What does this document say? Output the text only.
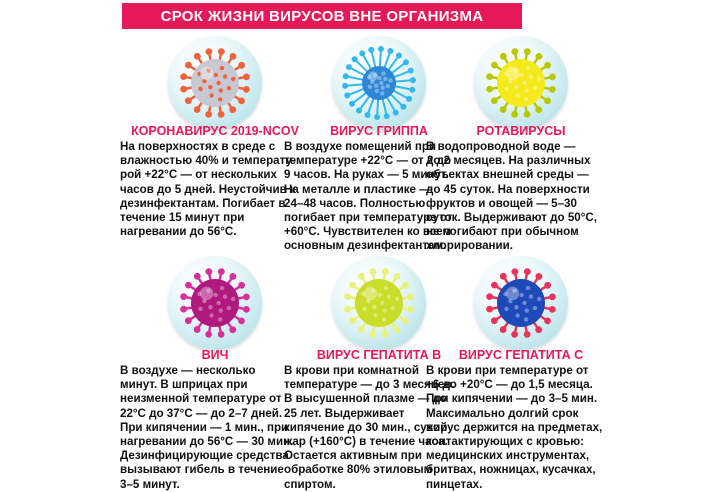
СРОК ЖИЗНИ ВИРУСОВ ВНЕ ОРГАНИЗМА
КОРОНАВИРУС 2019-NCOV
На поверхностях в среде с
влажностью 40% и температу-
рой +22°С — от нескольких
часов до 5 дней. Неустойчив к
дезинфектантам. Погибает в
течение 15 минут при
нагревании до 56°С.
ВИРУС ГРИППА
В воздухе помещений при
температуре +22°С — от 2 до
9 часов. На руках — 5 минут.
На металле и пластике —
24–48 часов. Полностью
погибает при температуре от
+60°С. Чувствителен ко всем
основным дезинфектантам.
РОТАВИРУСЫ
В водопроводной воде —
до 2 месяцев. На различных
объектах внешней среды —
до 45 суток. На поверхности
фруктов и овощей — 5–30
суток. Выдерживают до 50°С,
не погибают при обычном
хлорировании.
ВИЧ
В воздухе — несколько
минут. В шприцах при
неизменной температуре от
22°С до 37°С — до 2–7 дней.
При кипячении — 1 мин., при
нагревании до 56°С — 30 мин.
Дезинфицирующие средства
вызывают гибель в течение
3–5 минут.
ВИРУС ГЕПАТИТА В
В крови при комнатной
температуре — до 3 месяцев.
В высушенной плазме — до
25 лет. Выдерживает
кипячение до 30 мин., сухой
жар (+160°С) в течение часа.
Остается активным при
обработке 80% этиловым
спиртом.
ВИРУС ГЕПАТИТА С
В крови при температуре от
+6 до +20°С — до 1,5 месяца.
При кипячении — до 3–5 мин.
Максимально долгий срок
вирус держится на предметах,
контактирующих с кровью:
медицинских инструментах,
бритвах, ножницах, кусачках,
пинцетах.
